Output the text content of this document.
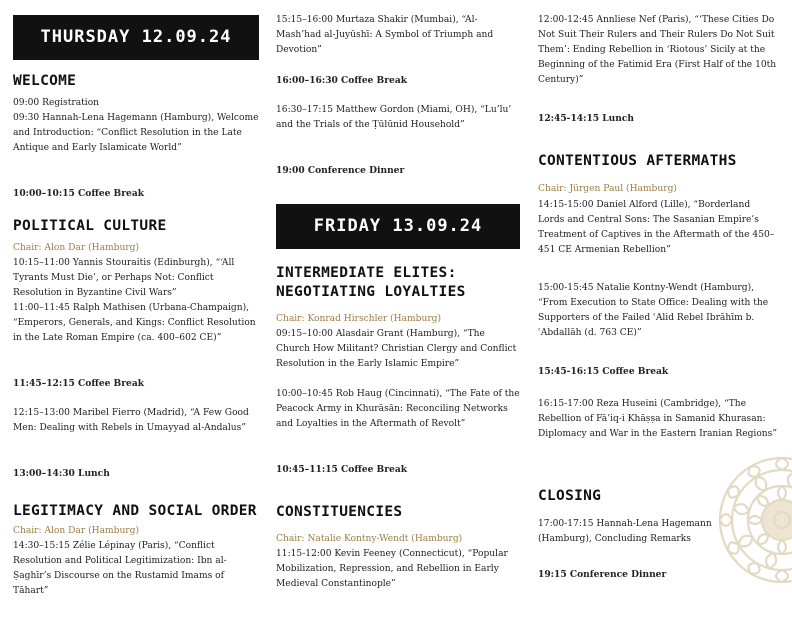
THURSDAY 12.09.24
WELCOME
09:00 Registration
09:30 Hannah-Lena Hagemann (Hamburg), Welcome and Introduction: “Conflict Resolution in the Late Antique and Early Islamicate World”
10:00–10:15 Coffee Break
POLITICAL CULTURE
Chair: Alon Dar (Hamburg)
10:15–11:00 Yannis Stouraitis (Edinburgh), “‘All Tyrants Must Die’, or Perhaps Not: Conflict Resolution in Byzantine Civil Wars”
11:00–11:45 Ralph Mathisen (Urbana-Champaign), “Emperors, Generals, and Kings: Conflict Resolution in the Late Roman Empire (ca. 400–602 CE)”
11:45–12:15 Coffee Break
12:15–13:00 Maribel Fierro (Madrid), “A Few Good Men: Dealing with Rebels in Umayyad al-Andalus”
13:00–14:30 Lunch
LEGITIMACY AND SOCIAL ORDER
Chair: Alon Dar (Hamburg)
14:30–15:15 Zélie Lépinay (Paris), “Conflict Resolution and Political Legitimization: Ibn al-Ṣaghīr’s Discourse on the Rustamid Imams of Tāhart”
15:15–16:00 Murtaza Shakir (Mumbai), “Al-Mash’had al-Juyūshī: A Symbol of Triumph and Devotion”
16:00–16:30 Coffee Break
16:30–17:15 Matthew Gordon (Miami, OH), “Lu’lu’ and the Trials of the Ṭūlūnid Household”
19:00 Conference Dinner
FRIDAY 13.09.24
INTERMEDIATE ELITES:
NEGOTIATING LOYALTIES
Chair: Konrad Hirschler (Hamburg)
09:15–10:00 Alasdair Grant (Hamburg), “The Church How Militant? Christian Clergy and Conflict Resolution in the Early Islamic Empire”
10:00–10:45 Rob Haug (Cincinnati), “The Fate of the Peacock Army in Khurāsān: Reconciling Networks and Loyalties in the Aftermath of Revolt”
10:45–11:15 Coffee Break
CONSTITUENCIES
Chair: Natalie Kontny-Wendt (Hamburg)
11:15-12:00 Kevin Feeney (Connecticut), “Popular Mobilization, Repression, and Rebellion in Early Medieval Constantinople”
12:00-12:45 Annliese Nef (Paris), “‘These Cities Do Not Suit Their Rulers and Their Rulers Do Not Suit Them’: Ending Rebellion in ‘Riotous’ Sicily at the Beginning of the Fatimid Era (First Half of the 10th Century)”
12:45-14:15 Lunch
CONTENTIOUS AFTERMATHS
Chair: Jürgen Paul (Hamburg)
14:15-15:00 Daniel Alford (Lille), “Borderland Lords and Central Sons: The Sasanian Empire’s Treatment of Captives in the Aftermath of the 450–451 CE Armenian Rebellion”
15:00-15:45 Natalie Kontny-Wendt (Hamburg), “From Execution to State Office: Dealing with the Supporters of the Failed ʿAlid Rebel Ibrāhīm b. ʿAbdallāh (d. 763 CE)”
15:45-16:15 Coffee Break
16:15-17:00 Reza Huseini (Cambridge), “The Rebellion of Fā’iq-i Khāṣṣa in Samanid Khurasan: Diplomacy and War in the Eastern Iranian Regions”
CLOSING
17:00-17:15 Hannah-Lena Hagemann (Hamburg), Concluding Remarks
19:15 Conference Dinner
